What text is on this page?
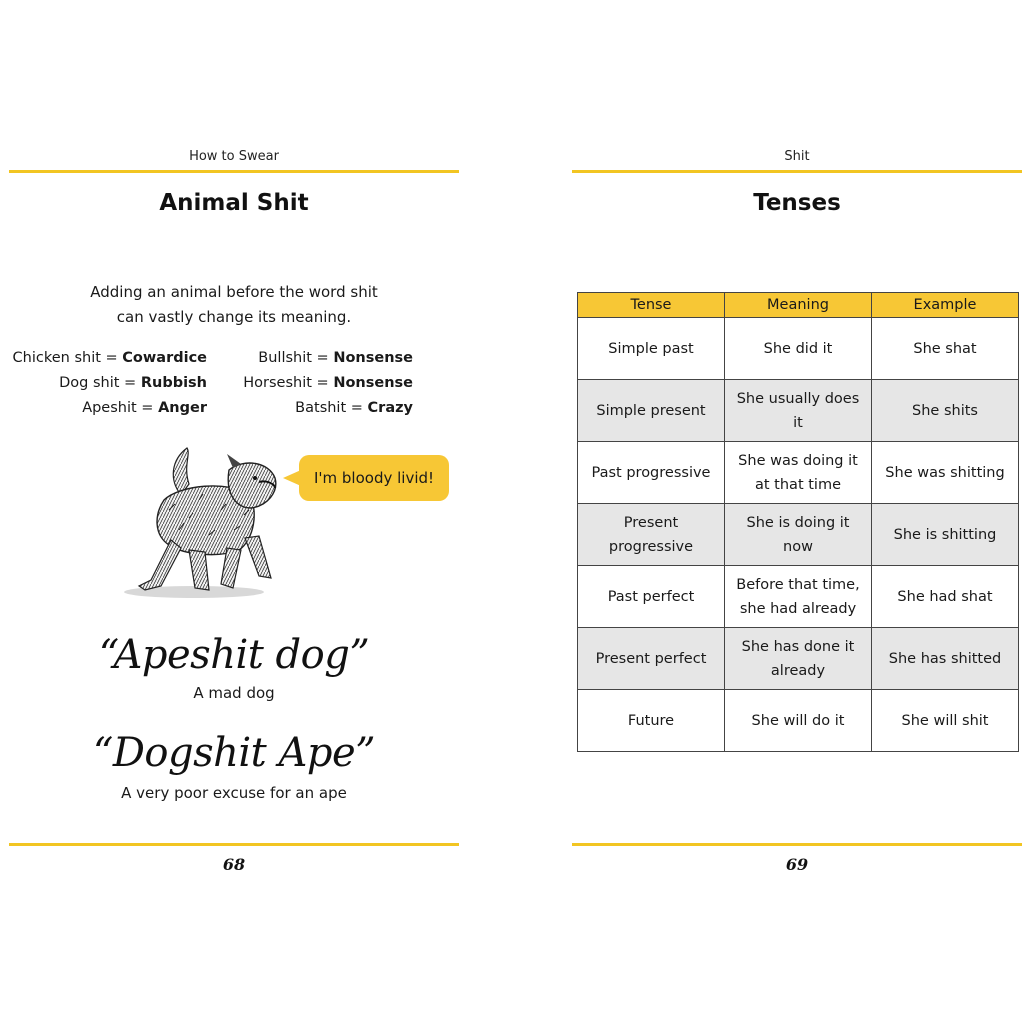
How to Swear
Animal Shit
Adding an animal before the word shit
can vastly change its meaning.
Chicken shit = Cowardice
Dog shit = Rubbish
Apeshit = Anger
Bullshit = Nonsense
Horseshit = Nonsense
Batshit = Crazy
I'm bloody livid!
“Apeshit dog”
A mad dog
“Dogshit Ape”
A very poor excuse for an ape
68
Shit
Tenses
Tense	Meaning	Example
Simple past	She did it	She shat
Simple present	She usually does it	She shits
Past progressive	She was doing it at that time	She was shitting
Present progressive	She is doing it now	She is shitting
Past perfect	Before that time, she had already	She had shat
Present perfect	She has done it already	She has shitted
Future	She will do it	She will shit
69
